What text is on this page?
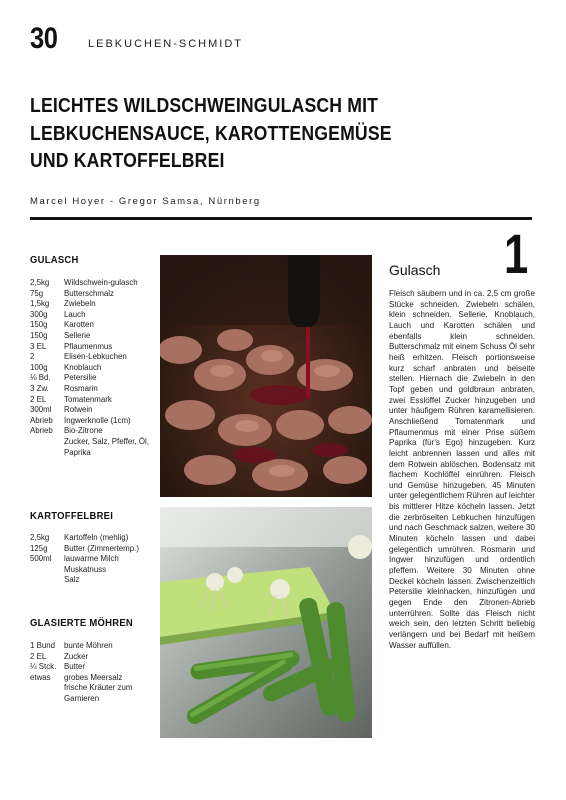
30	LEBKUCHEN-SCHMIDT
LEICHTES WILDSCHWEINGULASCH MIT
LEBKUCHENSAUCE, KAROTTENGEMÜSE
UND KARTOFFELBREI
Marcel Hoyer - Gregor Samsa, Nürnberg
GULASCH
2,5kg	Wildschwein-gulasch
75g	Butterschmalz
1,5kg	Zwiebeln
300g	Lauch
150g	Karotten
150g	Sellerie
3 EL	Pflaumenmus
2	Elisen-Lebkuchen
100g	Knoblauch
⅛ Bd.	Petersilie
3 Zw.	Rosmarin
2 EL	Tomatenmark
300ml	Rotwein
Abrieb	Ingwerknolle (1cm)
Abrieb	Bio-Zitrone
Zucker, Salz, Pfeffer, Öl, Paprika
KARTOFFELBREI
2,5kg	Kartoffeln (mehlig)
125g	Butter (Zimmertemp.)
500ml	lauwarme Milch
Muskatnuss
Salz
GLASIERTE MÖHREN
1 Bund	bunte Möhren
2 EL	Zucker
¼ Stck. Butter
etwas	grobes Meersalz
frische Kräuter zum Garnieren
1
Gulasch
Fleisch säubern und in ca. 2,5 cm große Stücke schneiden. Zwiebeln schälen, klein schneiden. Sellerie, Knoblauch, Lauch und Karotten schälen und ebenfalls klein schneiden. Butterschmalz mit einem Schuss Öl sehr heiß erhitzen. Fleisch portionsweise kurz scharf anbraten und beiseite stellen. Hiernach die Zwiebeln in den Topf geben und goldbraun anbraten, zwei Esslöffel Zucker hinzugeben und unter häufigem Rühren karamellisieren. Anschließend Tomatenmark und Pflaumenmus mit einer Prise süßem Paprika (für's Ego) hinzugeben. Kurz leicht anbrennen lassen und alles mit dem Rotwein ablöschen. Bodensatz mit flachem Kochlöffel einrühren. Fleisch und Gemüse hinzugeben. 45 Minuten unter gelegentlichem Rühren auf leichter bis mittlerer Hitze köcheln lassen. Jetzt die zerbröselten Lebkuchen hinzufügen und nach Geschmack salzen, weitere 30 Minuten köcheln lassen und dabei gelegentlich umrühren. Rosmarin und Ingwer hinzufügen und ordentlich pfeffern. Weitere 30 Minuten ohne Deckel köcheln lassen. Zwischenzeitlich Petersilie kleinhacken, hinzufügen und gegen Ende den Zitronen-Abrieb unterrühren. Sollte das Fleisch nicht weich sein, den letzten Schritt beliebig verlängern und bei Bedarf mit heißem Wasser auffüllen.
